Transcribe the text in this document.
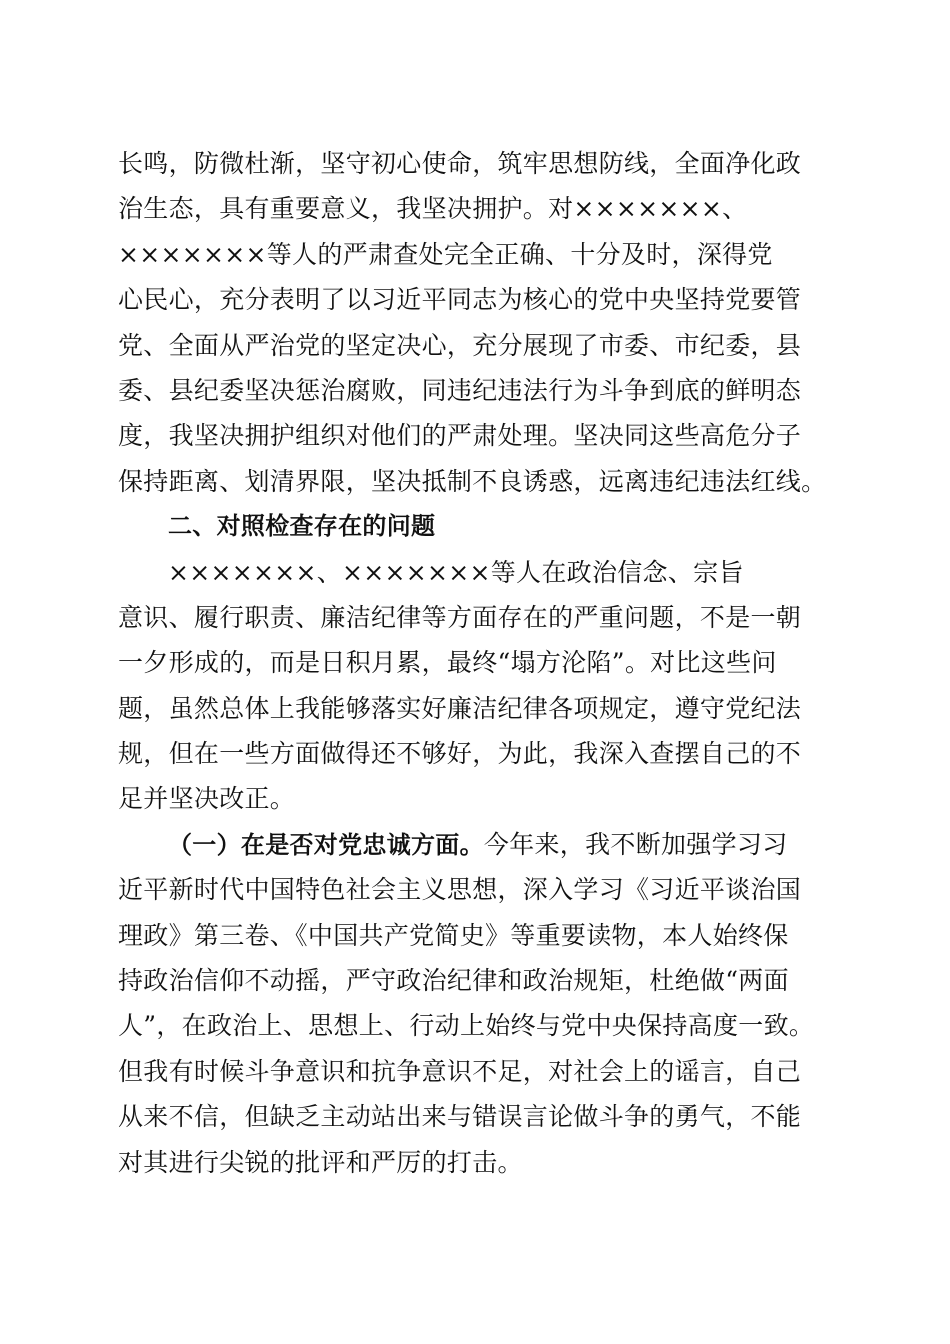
长鸣，防微杜渐，坚守初心使命，筑牢思想防线，全面净化政
治生态，具有重要意义，我坚决拥护。对×××××××、
×××××××等人的严肃查处完全正确、十分及时，深得党
心民心，充分表明了以习近平同志为核心的党中央坚持党要管
党、全面从严治党的坚定决心，充分展现了市委、市纪委，县
委、县纪委坚决惩治腐败，同违纪违法行为斗争到底的鲜明态
度，我坚决拥护组织对他们的严肃处理。坚决同这些高危分子
保持距离、划清界限，坚决抵制不良诱惑，远离违纪违法红线。
二、对照检查存在的问题
×××××××、×××××××等人在政治信念、宗旨
意识、履行职责、廉洁纪律等方面存在的严重问题，不是一朝
一夕形成的，而是日积月累，最终“塌方沦陷”。对比这些问
题，虽然总体上我能够落实好廉洁纪律各项规定，遵守党纪法
规，但在一些方面做得还不够好，为此，我深入查摆自己的不
足并坚决改正。
（一）在是否对党忠诚方面。今年来，我不断加强学习习
近平新时代中国特色社会主义思想，深入学习《习近平谈治国
理政》第三卷、《中国共产党简史》等重要读物，本人始终保
持政治信仰不动摇，严守政治纪律和政治规矩，杜绝做“两面
人”，在政治上、思想上、行动上始终与党中央保持高度一致。
但我有时候斗争意识和抗争意识不足，对社会上的谣言，自己
从来不信，但缺乏主动站出来与错误言论做斗争的勇气，不能
对其进行尖锐的批评和严厉的打击。
